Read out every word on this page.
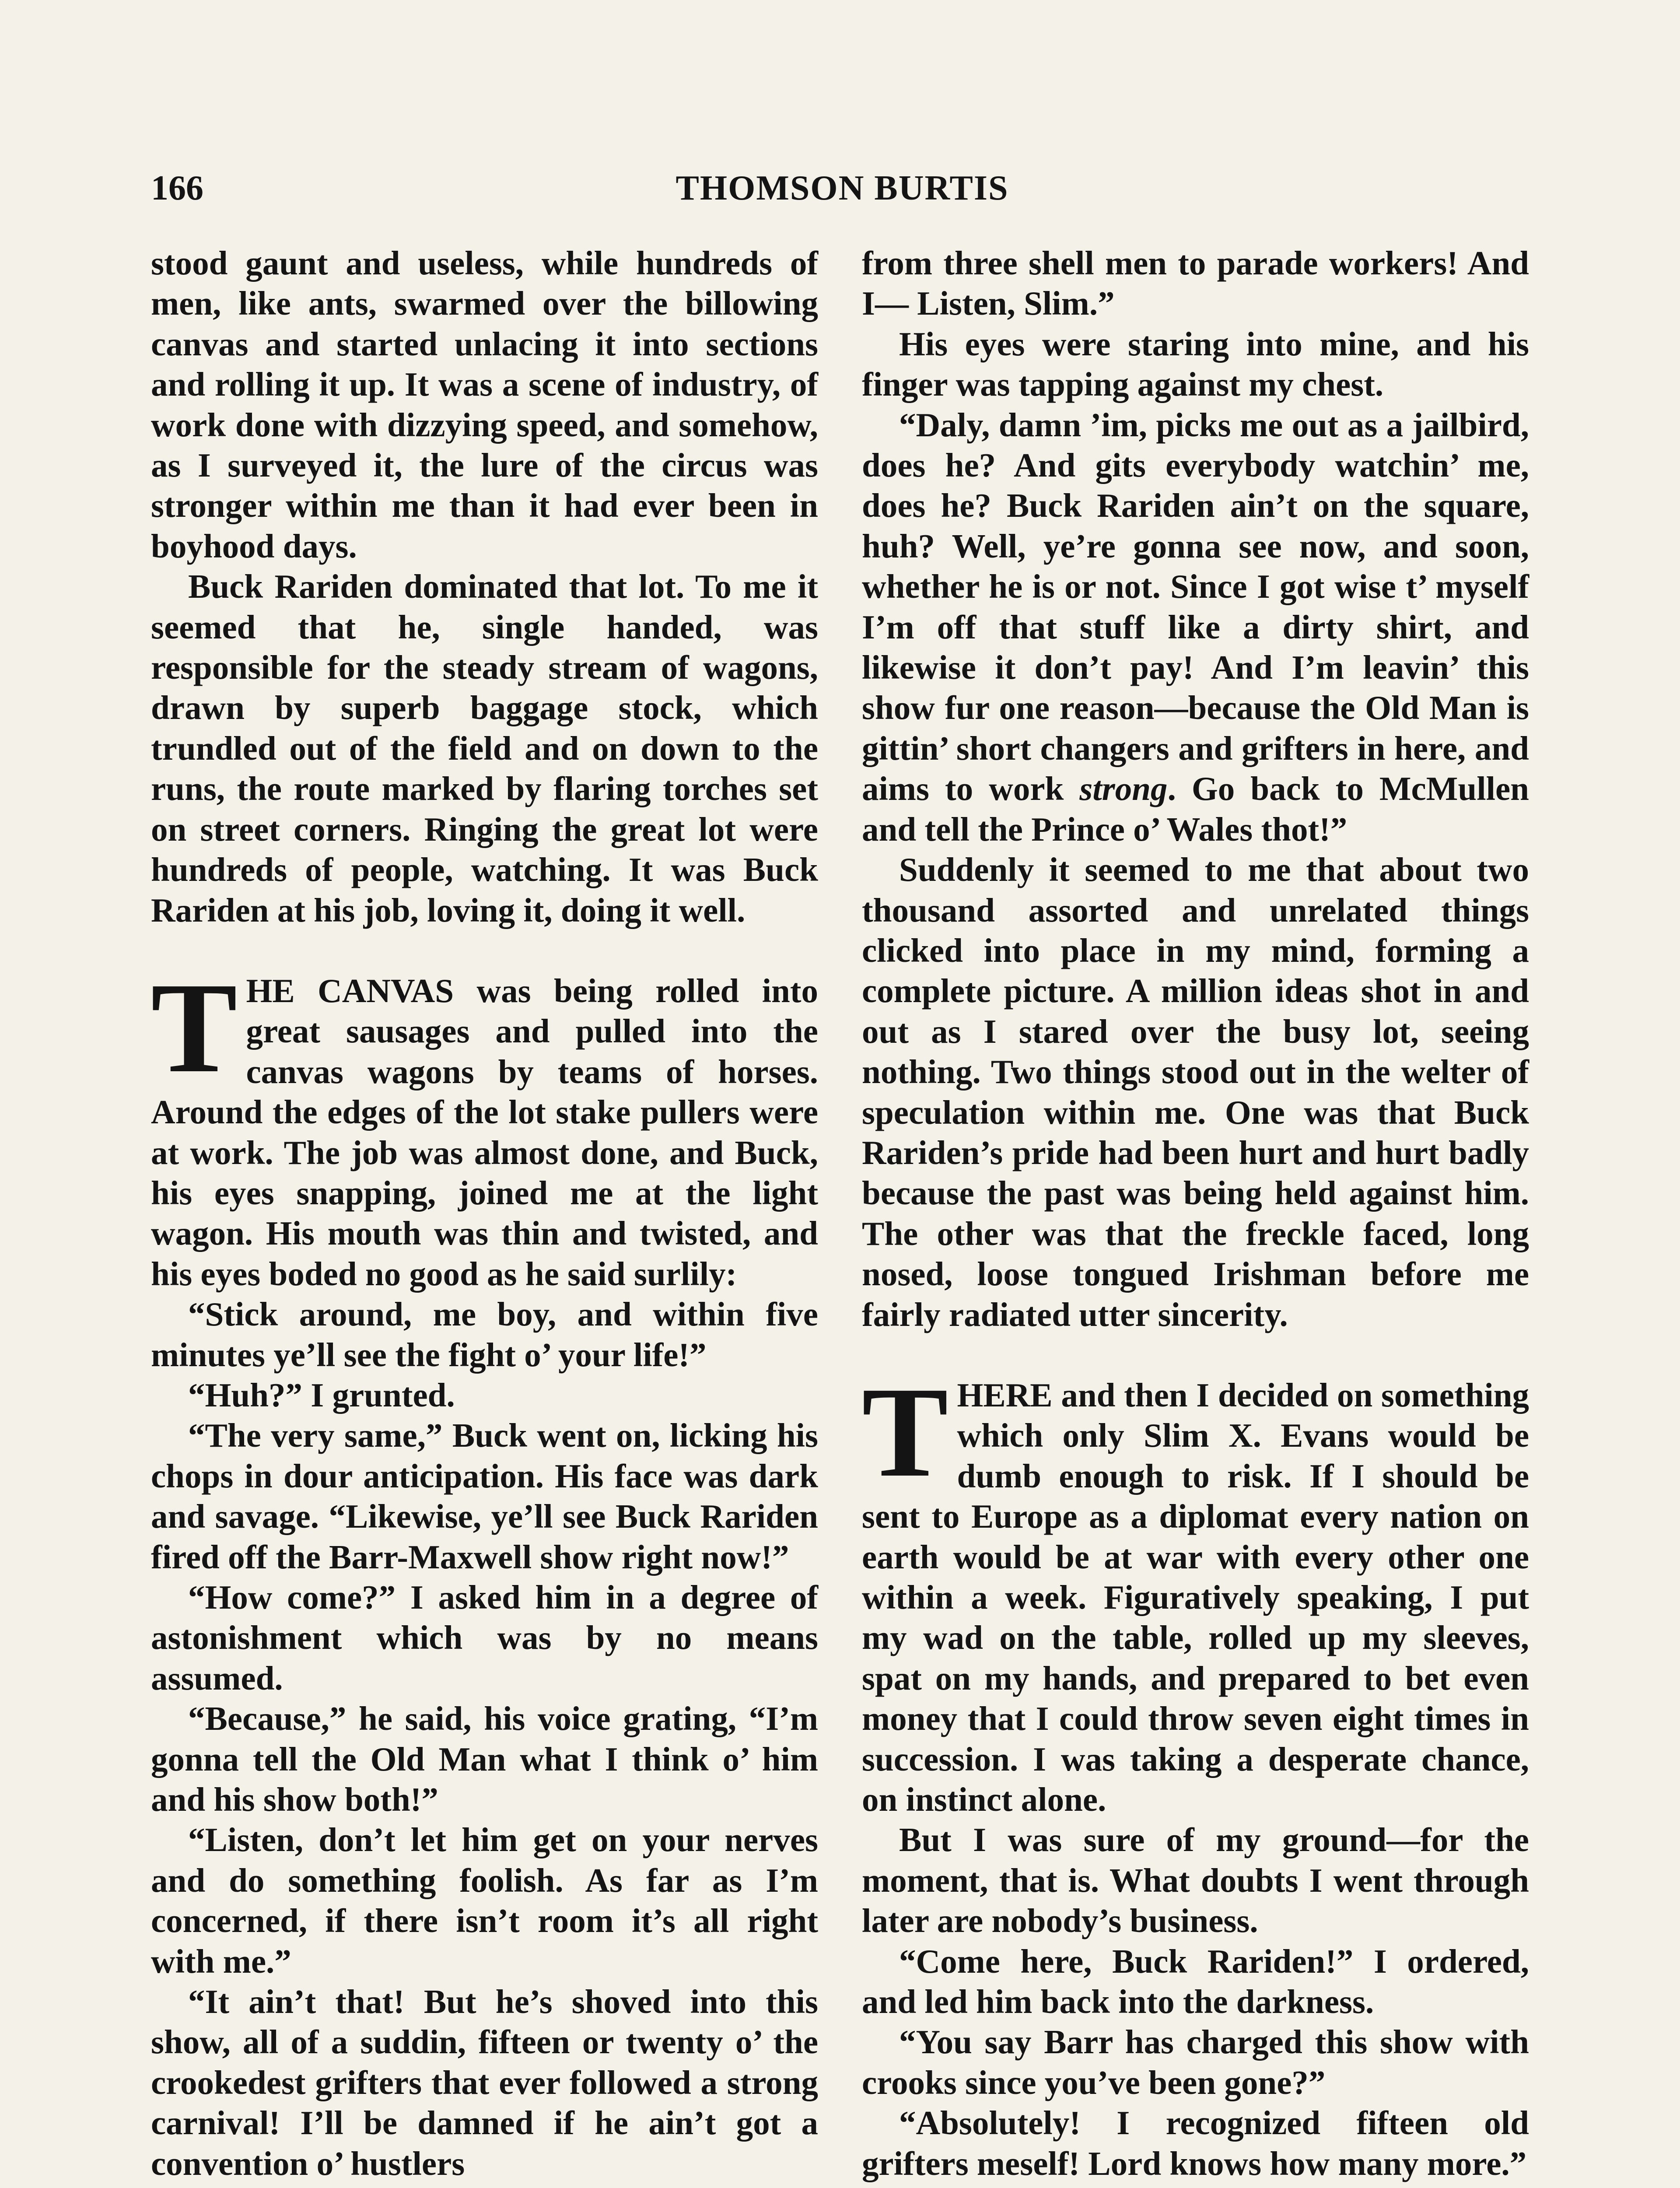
166	THOMSON BURTIS

stood gaunt and useless, while hundreds of men, like ants, swarmed over the billowing canvas and started unlacing it into sections and rolling it up. It was a scene of industry, of work done with dizzying speed, and somehow, as I surveyed it, the lure of the circus was stronger within me than it had ever been in boyhood days.

Buck Rariden dominated that lot. To me it seemed that he, single handed, was responsible for the steady stream of wagons, drawn by superb baggage stock, which trundled out of the field and on down to the runs, the route marked by flaring torches set on street corners. Ringing the great lot were hundreds of people, watching. It was Buck Rariden at his job, loving it, doing it well.

THE CANVAS was being rolled into great sausages and pulled into the canvas wagons by teams of horses. Around the edges of the lot stake pullers were at work. The job was almost done, and Buck, his eyes snapping, joined me at the light wagon. His mouth was thin and twisted, and his eyes boded no good as he said surlily:

“Stick around, me boy, and within five minutes ye’ll see the fight o’ your life!”

“Huh?” I grunted.

“The very same,” Buck went on, licking his chops in dour anticipation. His face was dark and savage. “Likewise, ye’ll see Buck Rariden fired off the Barr-Maxwell show right now!”

“How come?” I asked him in a degree of astonishment which was by no means assumed.

“Because,” he said, his voice grating, “I’m gonna tell the Old Man what I think o’ him and his show both!”

“Listen, don’t let him get on your nerves and do something foolish. As far as I’m concerned, if there isn’t room it’s all right with me.”

“It ain’t that! But he’s shoved into this show, all of a suddin, fifteen or twenty o’ the crookedest grifters that ever followed a strong carnival! I’ll be damned if he ain’t got a convention o’ hustlers

from three shell men to parade workers! And I— Listen, Slim.”

His eyes were staring into mine, and his finger was tapping against my chest.

“Daly, damn ’im, picks me out as a jailbird, does he? And gits everybody watchin’ me, does he? Buck Rariden ain’t on the square, huh? Well, ye’re gonna see now, and soon, whether he is or not. Since I got wise t’ myself I’m off that stuff like a dirty shirt, and likewise it don’t pay! And I’m leavin’ this show fur one reason—because the Old Man is gittin’ short changers and grifters in here, and aims to work strong. Go back to McMullen and tell the Prince o’ Wales thot!”

Suddenly it seemed to me that about two thousand assorted and unrelated things clicked into place in my mind, forming a complete picture. A million ideas shot in and out as I stared over the busy lot, seeing nothing. Two things stood out in the welter of speculation within me. One was that Buck Rariden’s pride had been hurt and hurt badly because the past was being held against him. The other was that the freckle faced, long nosed, loose tongued Irishman before me fairly radiated utter sincerity.

THERE and then I decided on something which only Slim X. Evans would be dumb enough to risk. If I should be sent to Europe as a diplomat every nation on earth would be at war with every other one within a week. Figuratively speaking, I put my wad on the table, rolled up my sleeves, spat on my hands, and prepared to bet even money that I could throw seven eight times in succession. I was taking a desperate chance, on instinct alone.

But I was sure of my ground—for the moment, that is. What doubts I went through later are nobody’s business.

“Come here, Buck Rariden!” I ordered, and led him back into the darkness.

“You say Barr has charged this show with crooks since you’ve been gone?”

“Absolutely! I recognized fifteen old grifters meself! Lord knows how many more.”
